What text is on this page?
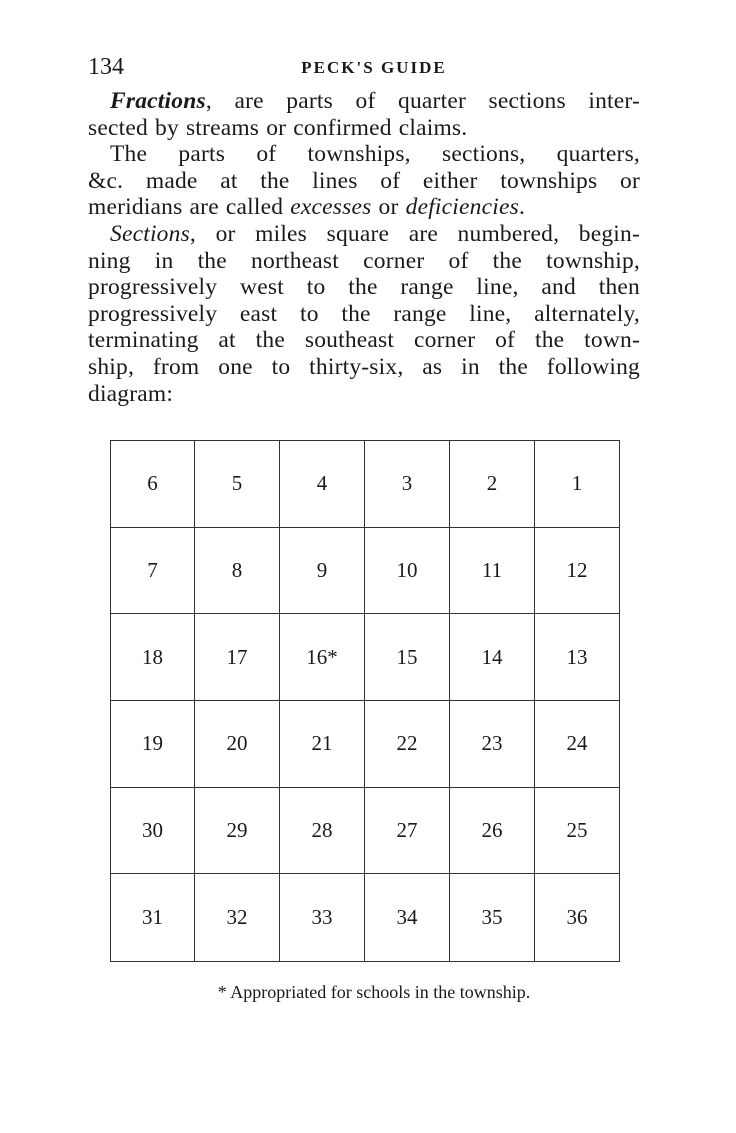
134	PECK'S GUIDE
Fractions, are parts of quarter sections inter-
sected by streams or confirmed claims.
The parts of townships, sections, quarters,
&c. made at the lines of either townships or
meridians are called excesses or deficiencies.
Sections, or miles square are numbered, begin-
ning in the northeast corner of the township,
progressively west to the range line, and then
progressively east to the range line, alternately,
terminating at the southeast corner of the town-
ship, from one to thirty-six, as in the following
diagram:
6	5	4	3	2	1
7	8	9	10	11	12
18	17	16*	15	14	13
19	20	21	22	23	24
30	29	28	27	26	25
31	32	33	34	35	36
* Appropriated for schools in the township.
